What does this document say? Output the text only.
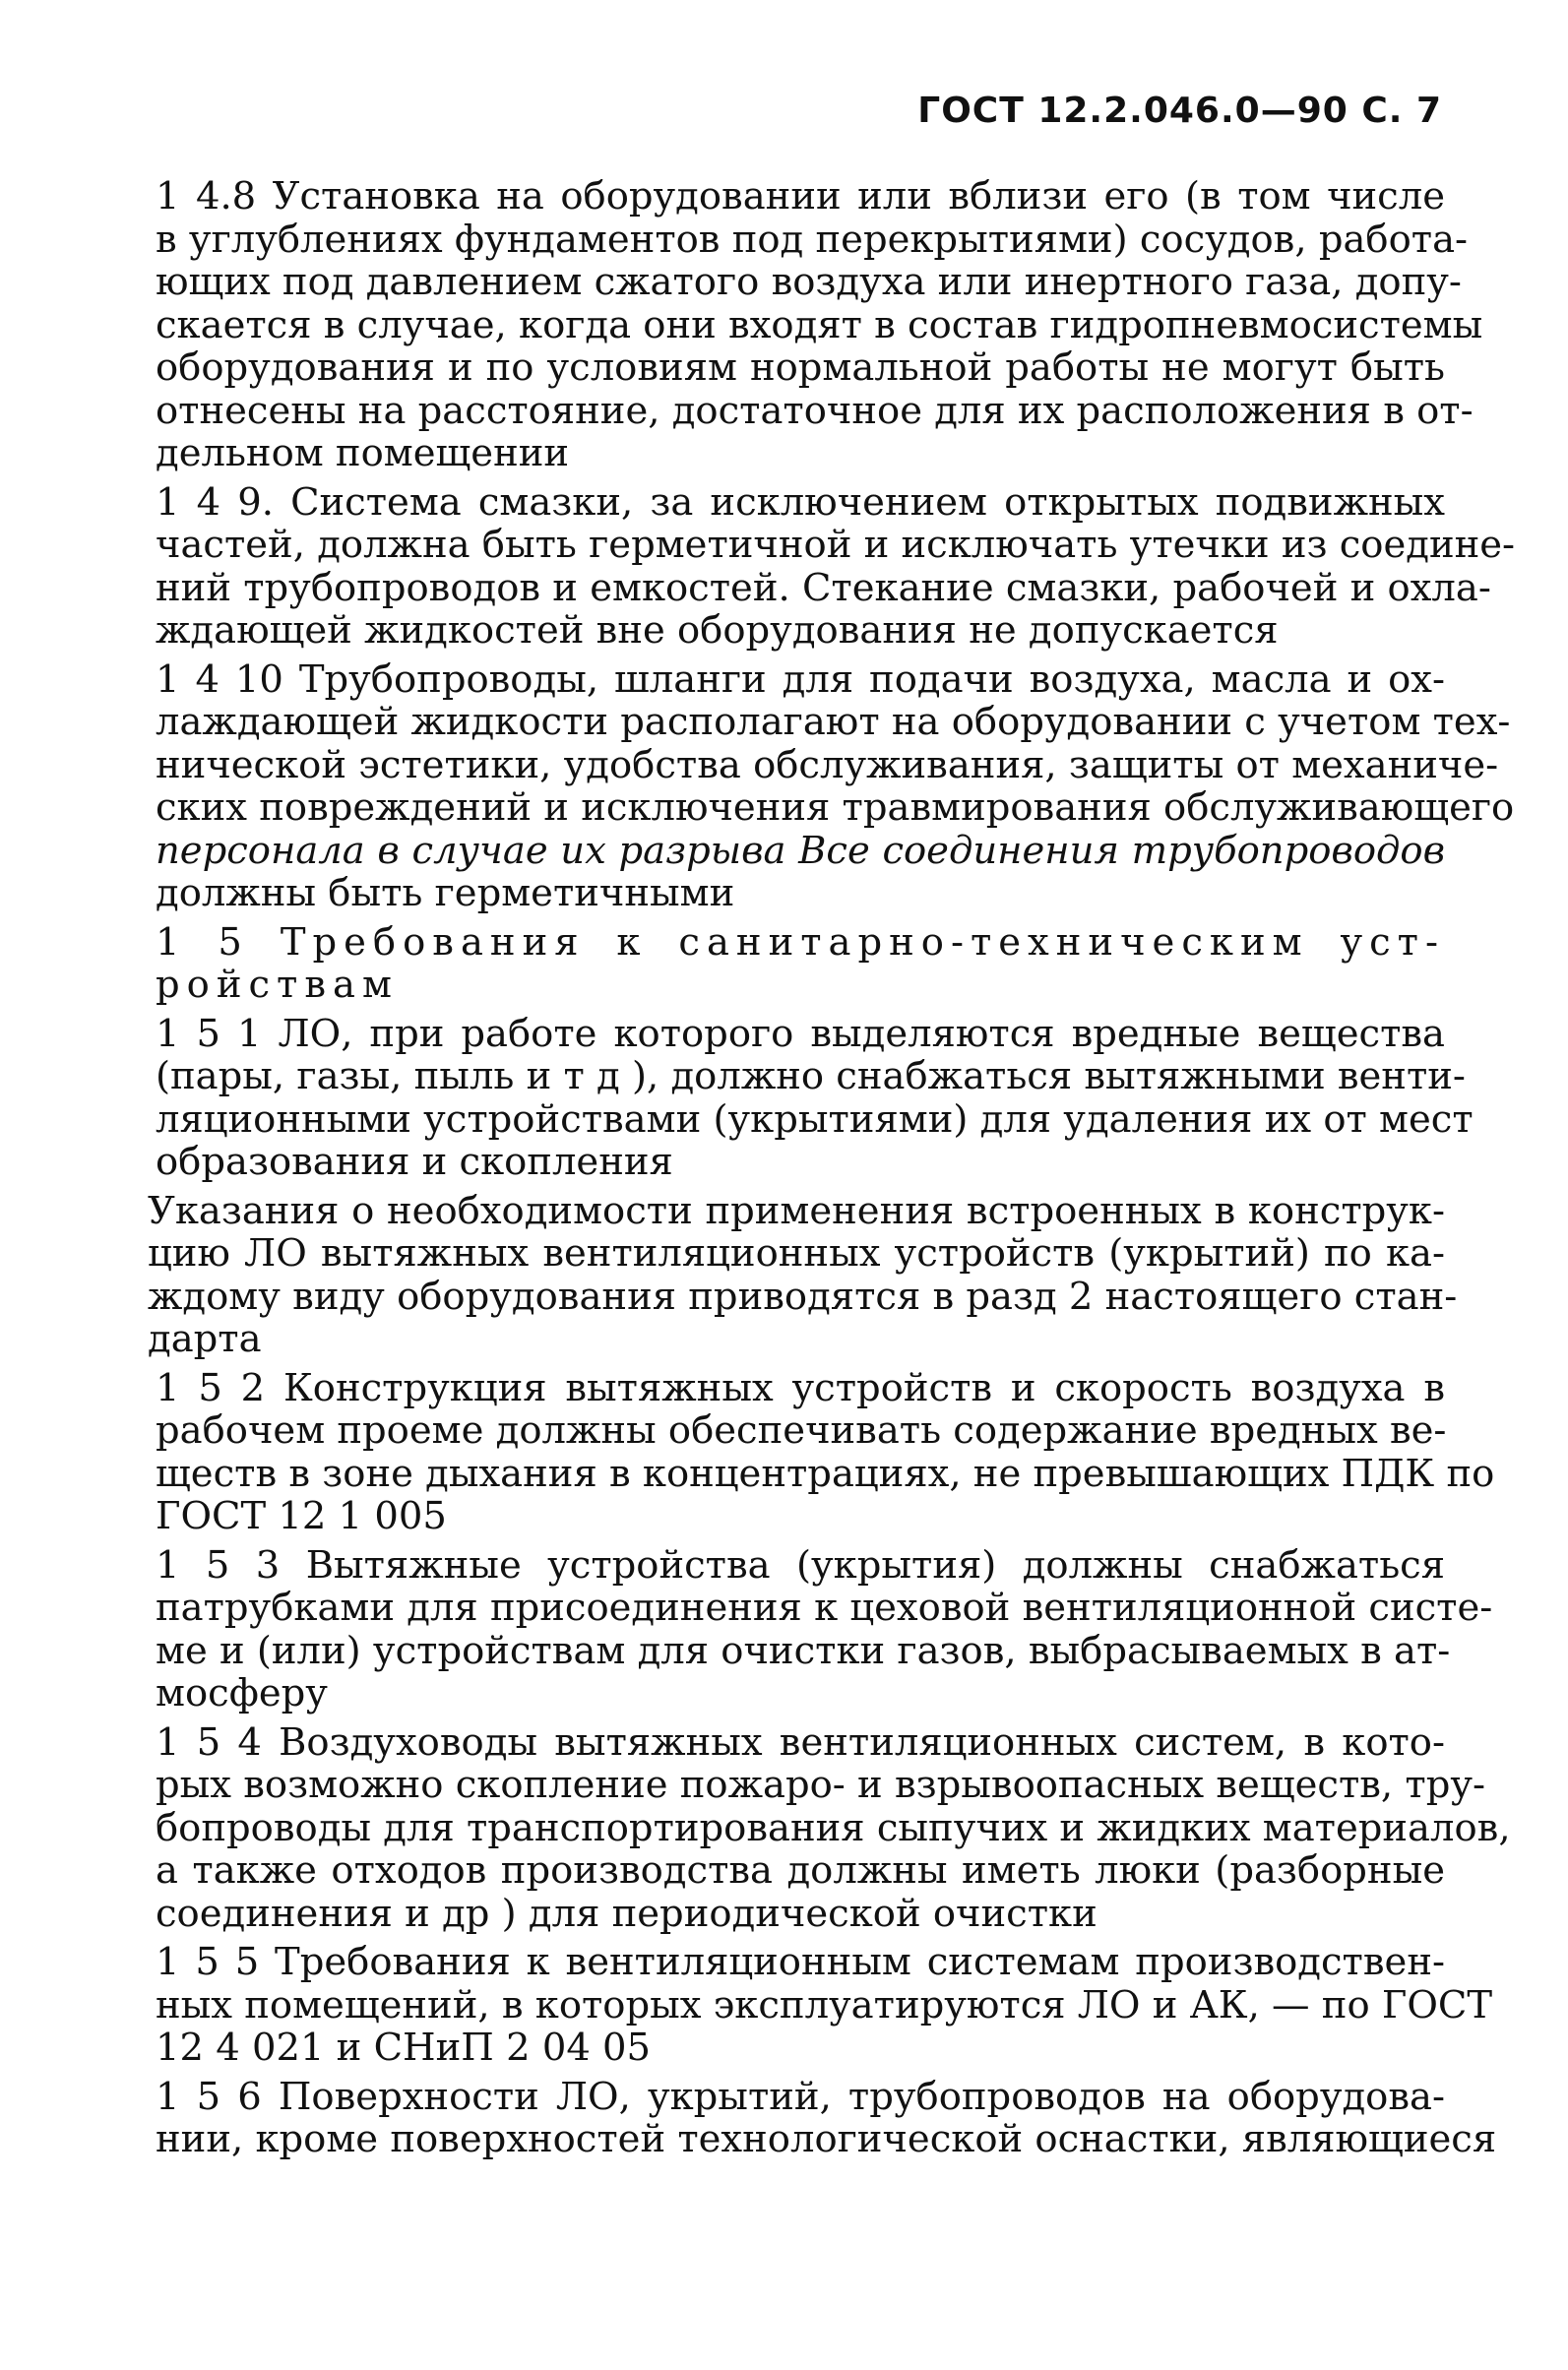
ГОСТ 12.2.046.0—90 С. 7
1 4.8 Установка на оборудовании или вблизи его (в том числе
в углублениях фундаментов под перекрытиями) сосудов, работа-
ющих под давлением сжатого воздуха или инертного газа, допу-
скается в случае, когда они входят в состав гидропневмосистемы
оборудования и по условиям нормальной работы не могут быть
отнесены на расстояние, достаточное для их расположения в от-
дельном помещении
1 4 9. Система смазки, за исключением открытых подвижных
частей, должна быть герметичной и исключать утечки из соедине-
ний трубопроводов и емкостей. Стекание смазки, рабочей и охла-
ждающей жидкостей вне оборудования не допускается
1 4 10 Трубопроводы, шланги для подачи воздуха, масла и ох-
лаждающей жидкости располагают на оборудовании с учетом тех-
нической эстетики, удобства обслуживания, защиты от механиче-
ских повреждений и исключения травмирования обслуживающего
персонала в случае их разрыва Все соединения трубопроводов
должны быть герметичными
1 5 Требования к санитарно-техническим уст-
ройствам
1 5 1 ЛО, при работе которого выделяются вредные вещества
(пары, газы, пыль и т д ), должно снабжаться вытяжными венти-
ляционными устройствами (укрытиями) для удаления их от мест
образования и скопления
Указания о необходимости применения встроенных в конструк-
цию ЛО вытяжных вентиляционных устройств (укрытий) по ка-
ждому виду оборудования приводятся в разд 2 настоящего стан-
дарта
1 5 2 Конструкция вытяжных устройств и скорость воздуха в
рабочем проеме должны обеспечивать содержание вредных ве-
ществ в зоне дыхания в концентрациях, не превышающих ПДК по
ГОСТ 12 1 005
1 5 3 Вытяжные устройства (укрытия) должны снабжаться
патрубками для присоединения к цеховой вентиляционной систе-
ме и (или) устройствам для очистки газов, выбрасываемых в ат-
мосферу
1 5 4 Воздуховоды вытяжных вентиляционных систем, в кото-
рых возможно скопление пожаро- и взрывоопасных веществ, тру-
бопроводы для транспортирования сыпучих и жидких материалов,
а также отходов производства должны иметь люки (разборные
соединения и др ) для периодической очистки
1 5 5 Требования к вентиляционным системам производствен-
ных помещений, в которых эксплуатируются ЛО и АК, — по ГОСТ
12 4 021 и СНиП 2 04 05
1 5 6 Поверхности ЛО, укрытий, трубопроводов на оборудова-
нии, кроме поверхностей технологической оснастки, являющиеся
